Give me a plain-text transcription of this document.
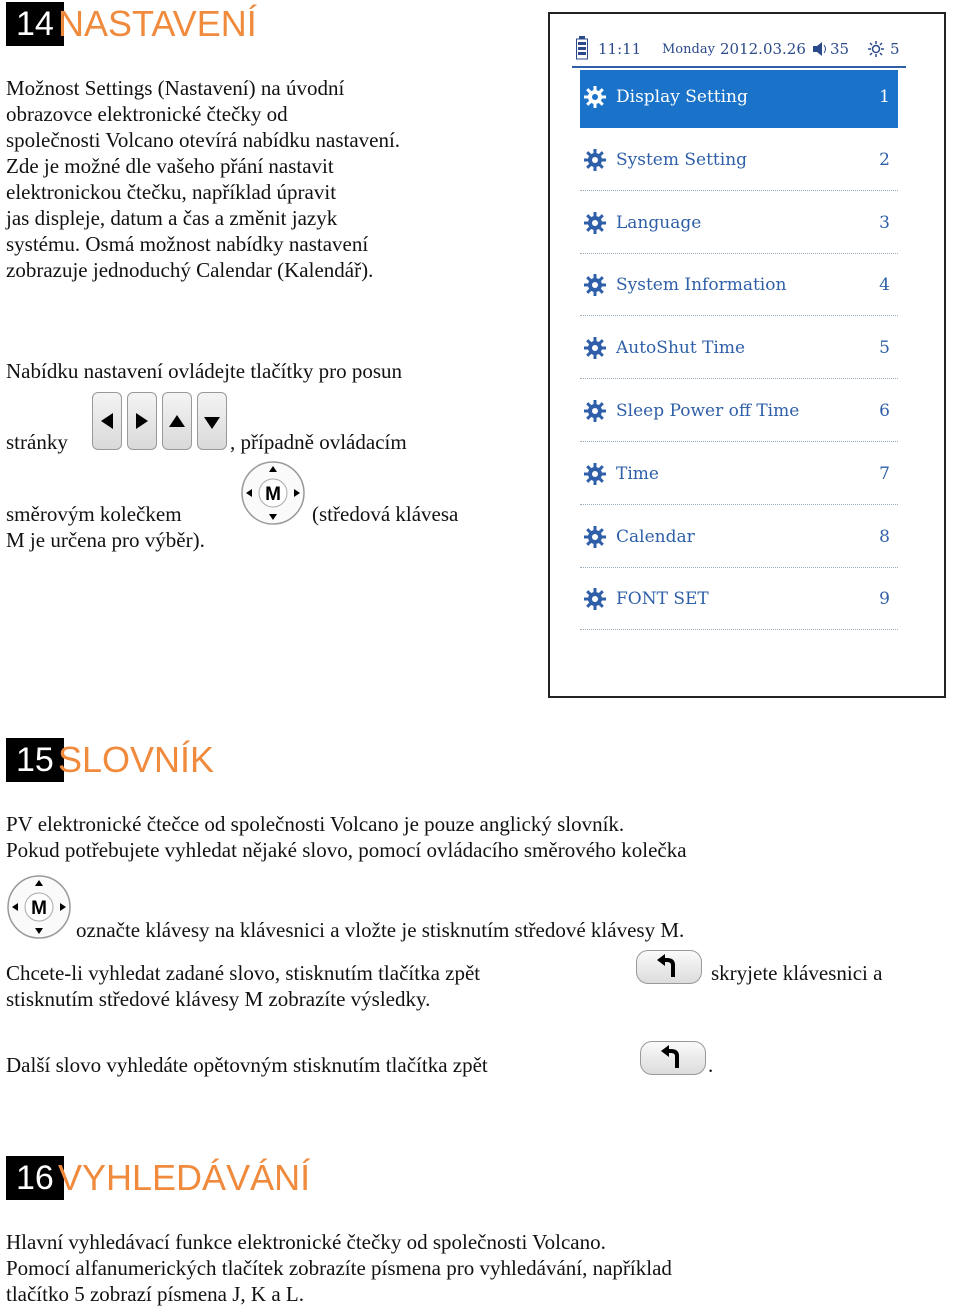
14 NASTAVENÍ
Možnost Settings (Nastavení) na úvodní
obrazovce elektronické čtečky od
společnosti Volcano otevírá nabídku nastavení.
Zde je možné dle vašeho přání nastavit
elektronickou čtečku, například úpravit
jas displeje, datum a čas a změnit jazyk
systému. Osmá možnost nabídky nastavení
zobrazuje jednoduchý Calendar (Kalendář).
Nabídku nastavení ovládejte tlačítky pro posun
stránky	, případně ovládacím
směrovým kolečkem
M
(středová klávesa
M je určena pro výběr).
11:11 Monday 2012.03.26 35	5
Display Setting	1
System Setting	2
Language	3
System Information	4
AutoShut Time	5
Sleep Power off Time	6
Time	7
Calendar	8
FONT SET	9
15 SLOVNÍK
PV elektronické čtečce od společnosti Volcano je pouze anglický slovník.
Pokud potřebujete vyhledat nějaké slovo, pomocí ovládacího směrového kolečka
M
označte klávesy na klávesnici a vložte je stisknutím středové klávesy M.
Chcete-li vyhledat zadané slovo, stisknutím tlačítka zpět	skryjete klávesnici a
stisknutím středové klávesy M zobrazíte výsledky.
Další slovo vyhledáte opětovným stisknutím tlačítka zpět	.
16 VYHLEDÁVÁNÍ
Hlavní vyhledávací funkce elektronické čtečky od společnosti Volcano.
Pomocí alfanumerických tlačítek zobrazíte písmena pro vyhledávání, například
tlačítko 5 zobrazí písmena J, K a L.
